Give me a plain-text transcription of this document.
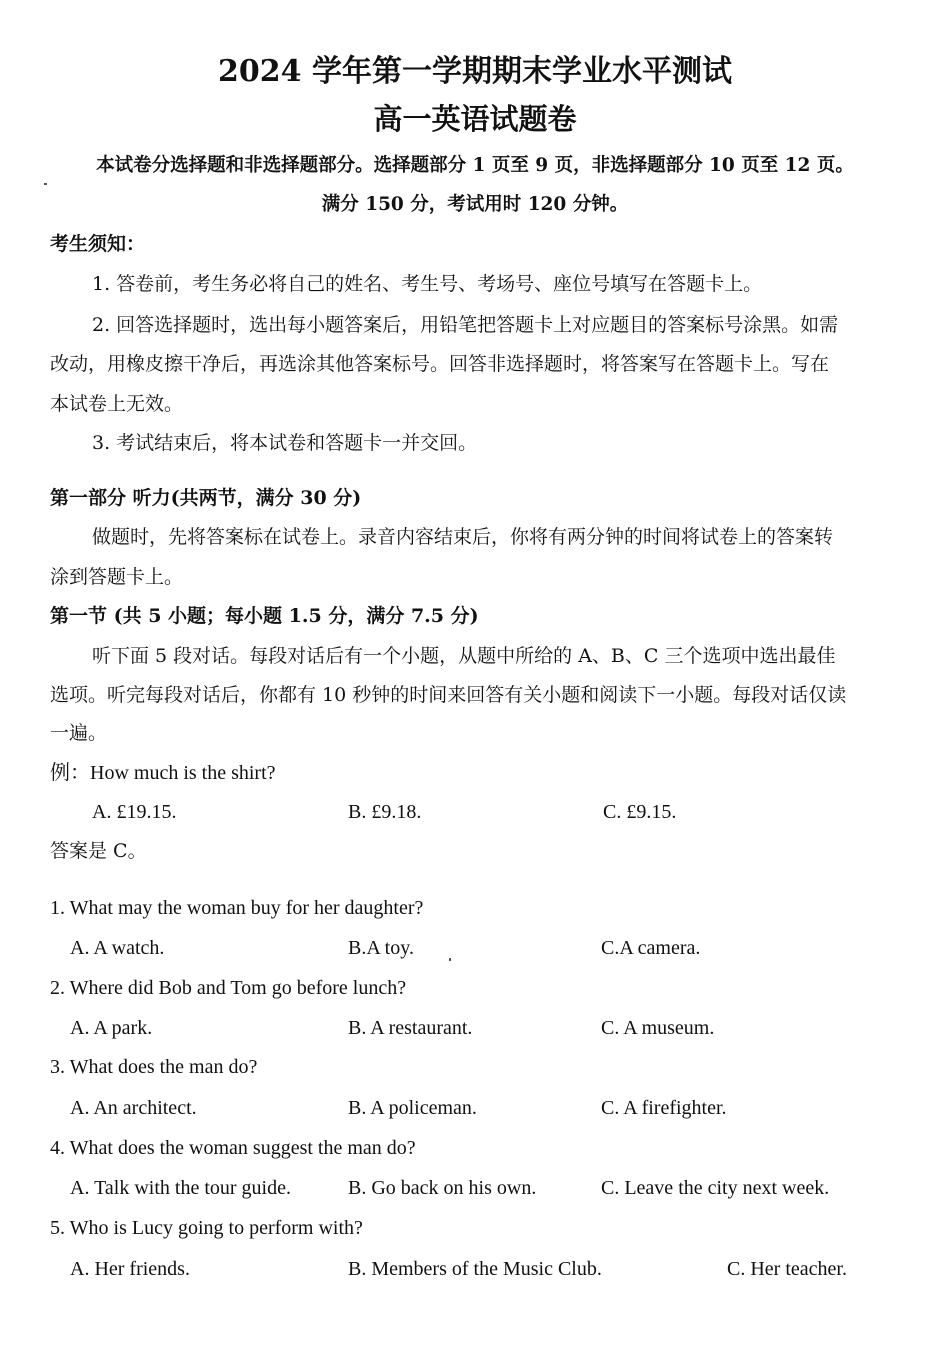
2024 学年第一学期期末学业水平测试
高一英语试题卷
本试卷分选择题和非选择题部分。选择题部分 1 页至 9 页，非选择题部分 10 页至 12 页。
满分 150 分，考试用时 120 分钟。
考生须知：
1. 答卷前，考生务必将自己的姓名、考生号、考场号、座位号填写在答题卡上。
2. 回答选择题时，选出每小题答案后，用铅笔把答题卡上对应题目的答案标号涂黑。如需
改动，用橡皮擦干净后，再选涂其他答案标号。回答非选择题时，将答案写在答题卡上。写在
本试卷上无效。
3. 考试结束后，将本试卷和答题卡一并交回。
第一部分 听力(共两节，满分 30 分)
做题时，先将答案标在试卷上。录音内容结束后，你将有两分钟的时间将试卷上的答案转
涂到答题卡上。
第一节 (共 5 小题；每小题 1.5 分，满分 7.5 分)
听下面 5 段对话。每段对话后有一个小题，从题中所给的 A、B、C 三个选项中选出最佳
选项。听完每段对话后，你都有 10 秒钟的时间来回答有关小题和阅读下一小题。每段对话仅读
一遍。
例：How much is the shirt?
A. £19.15.	B. £9.18.	C. £9.15.
答案是 C。
1. What may the woman buy for her daughter?
A. A watch.	B.A toy.	C.A camera.
2. Where did Bob and Tom go before lunch?
A. A park.	B. A restaurant.	C. A museum.
3. What does the man do?
A. An architect.	B. A policeman.	C. A firefighter.
4. What does the woman suggest the man do?
A. Talk with the tour guide.	B. Go back on his own.	C. Leave the city next week.
5. Who is Lucy going to perform with?
A. Her friends.	B. Members of the Music Club.	C. Her teacher.
